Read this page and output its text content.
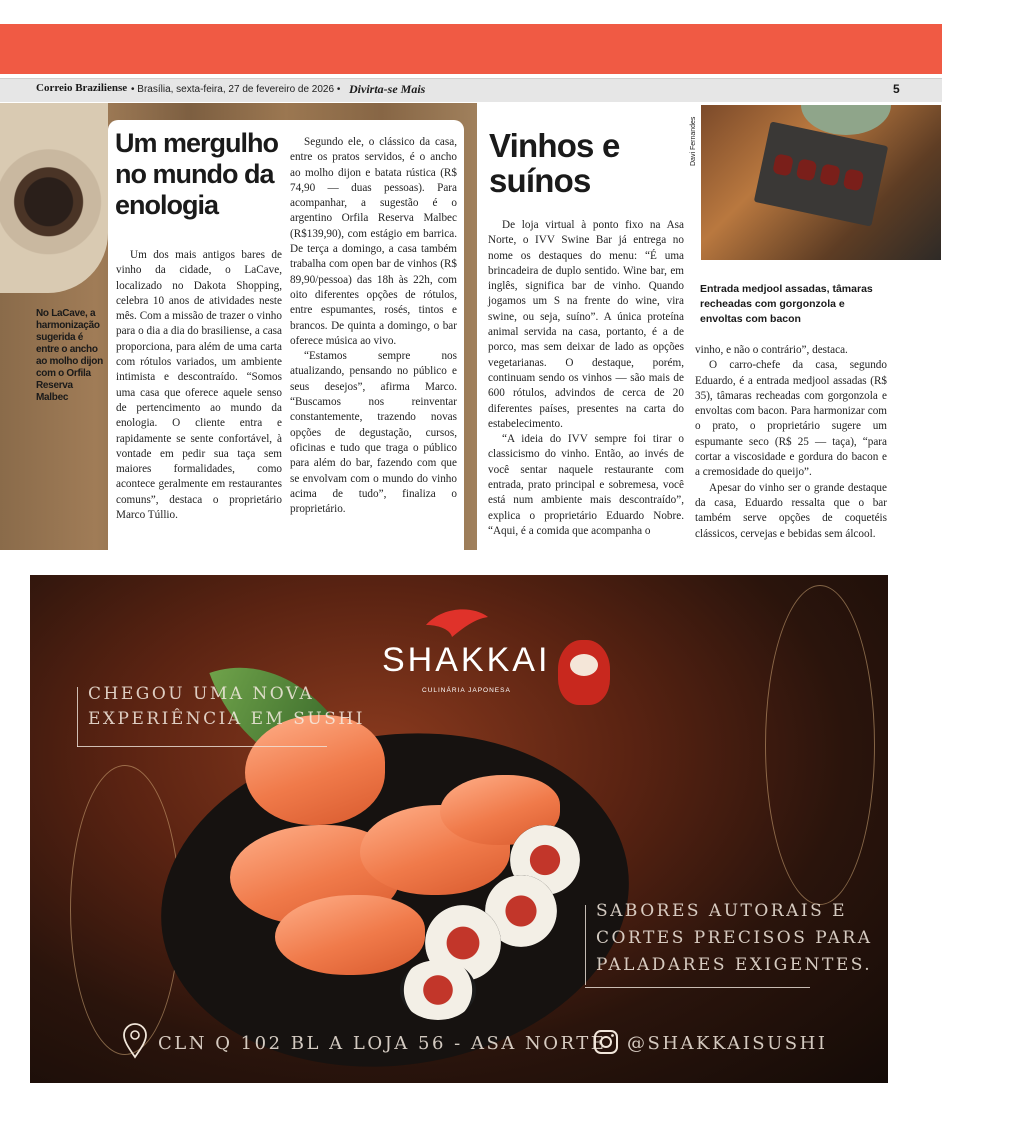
Correio Braziliense • Brasília, sexta-feira, 27 de fevereiro de 2026 • Divirta-se Mais	5
No LaCave, a harmonização sugerida é entre o ancho ao molho dijon com o Orfila Reserva Malbec
Um mergulho no mundo da enologia

Um dos mais antigos bares de vinho da cidade, o LaCave, localizado no Dakota Shopping, celebra 10 anos de atividades neste mês. Com a missão de trazer o vinho para o dia a dia do brasiliense, a casa proporciona, para além de uma carta com rótulos variados, um ambiente intimista e descontraído. “Somos uma casa que oferece aquele senso de pertencimento ao mundo da enologia. O cliente entra e rapidamente se sente confortável, à vontade em pedir sua taça sem maiores formalidades, como acontece geralmente em restaurantes comuns”, destaca o proprietário Marco Túllio.

Segundo ele, o clássico da casa, entre os pratos servidos, é o ancho ao molho dijon e batata rústica (R$ 74,90 — duas pessoas). Para acompanhar, a sugestão é o argentino Orfila Reserva Malbec (R$139,90), com estágio em barrica. De terça a domingo, a casa também trabalha com open bar de vinhos (R$ 89,90/pessoa) das 18h às 22h, com oito diferentes opções de rótulos, entre espumantes, rosés, tintos e brancos. De quinta a domingo, o bar oferece música ao vivo.

“Estamos sempre nos atualizando, pensando no público e seus desejos”, afirma Marco. “Buscamos nos reinventar constantemente, trazendo novas opções de degustação, cursos, oficinas e tudo que traga o público para além do bar, fazendo com que se envolvam com o mundo do vinho acima de tudo”, finaliza o proprietário.

Vinhos e suínos
Davi Fernandes
Entrada medjool assadas, tâmaras recheadas com gorgonzola e envoltas com bacon

De loja virtual à ponto fixo na Asa Norte, o IVV Swine Bar já entrega no nome os destaques do menu: “É uma brincadeira de duplo sentido. Wine bar, em inglês, significa bar de vinho. Quando jogamos um S na frente do wine, vira swine, ou seja, suíno”. A única proteína animal servida na casa, portanto, é a de porco, mas sem deixar de lado as opções vegetarianas. O destaque, porém, continuam sendo os vinhos — são mais de 600 rótulos, advindos de cerca de 20 diferentes países, presentes na carta do estabelecimento.

“A ideia do IVV sempre foi tirar o classicismo do vinho. Então, ao invés de você sentar naquele restaurante com entrada, prato principal e sobremesa, você está num ambiente mais descontraído”, explica o proprietário Eduardo Nobre. “Aqui, é a comida que acompanha o

vinho, e não o contrário”, destaca.

O carro-chefe da casa, segundo Eduardo, é a entrada medjool assadas (R$ 35), tâmaras recheadas com gorgonzola e envoltas com bacon. Para harmonizar com o prato, o proprietário sugere um espumante seco (R$ 25 — taça), “para cortar a viscosidade e gordura do bacon e a cremosidade do queijo”.

Apesar do vinho ser o grande destaque da casa, Eduardo ressalta que o bar também serve opções de coquetéis clássicos, cervejas e bebidas sem álcool.

SHAKKAI
CULINÁRIA JAPONESA
CHEGOU UMA NOVA
EXPERIÊNCIA EM SUSHI
SABORES AUTORAIS E
CORTES PRECISOS PARA
PALADARES EXIGENTES.
CLN Q 102 BL A LOJA 56 - ASA NORTE @SHAKKAISUSHI
